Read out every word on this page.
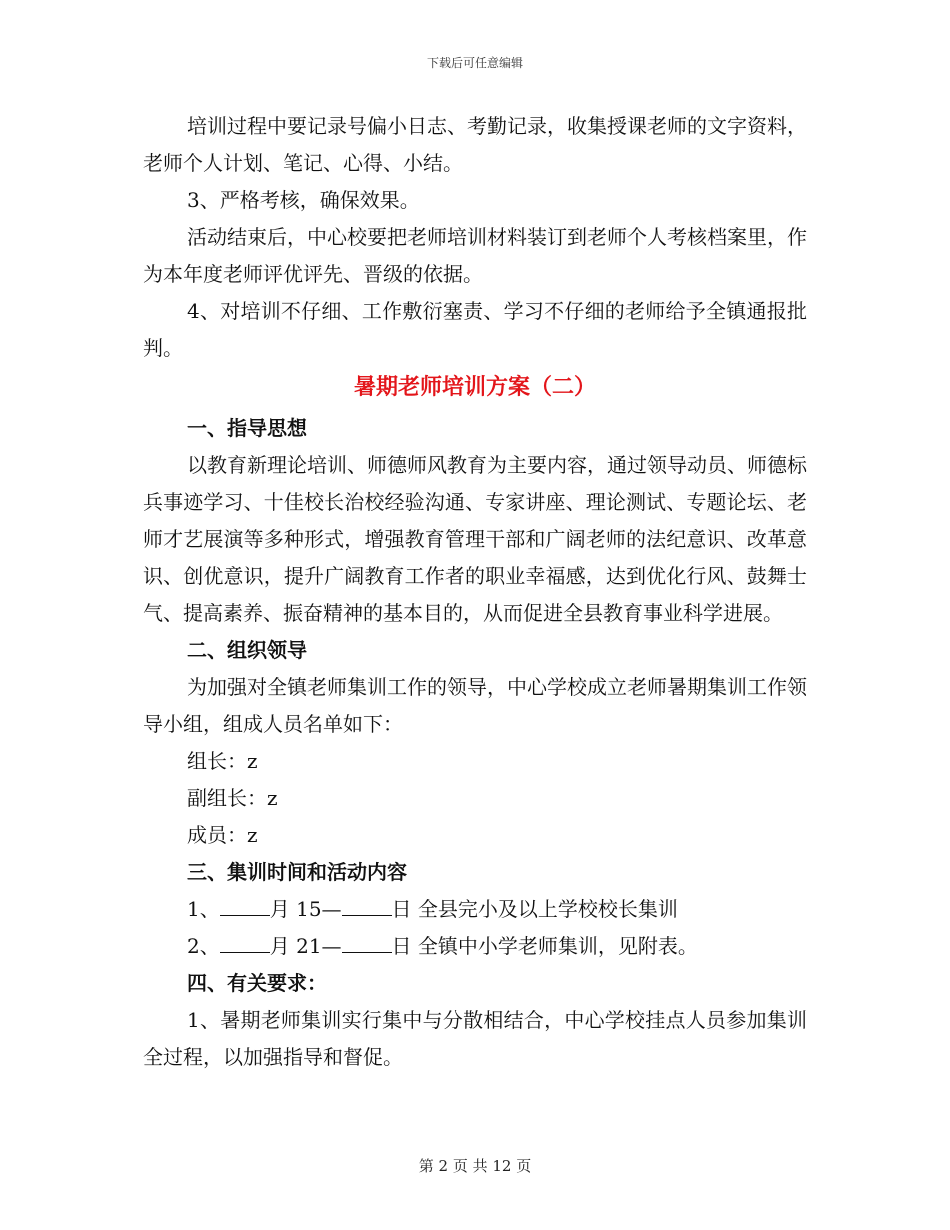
下载后可任意编辑

培训过程中要记录号偏小日志、考勤记录，收集授课老师的文字资料，老师个人计划、笔记、心得、小结。

3、严格考核，确保效果。

活动结束后，中心校要把老师培训材料装订到老师个人考核档案里，作为本年度老师评优评先、晋级的依据。

4、对培训不仔细、工作敷衍塞责、学习不仔细的老师给予全镇通报批判。

暑期老师培训方案（二）

一、指导思想

以教育新理论培训、师德师风教育为主要内容，通过领导动员、师德标兵事迹学习、十佳校长治校经验沟通、专家讲座、理论测试、专题论坛、老师才艺展演等多种形式，增强教育管理干部和广阔老师的法纪意识、改革意识、创优意识，提升广阔教育工作者的职业幸福感，达到优化行风、鼓舞士气、提高素养、振奋精神的基本目的，从而促进全县教育事业科学进展。

二、组织领导

为加强对全镇老师集训工作的领导，中心学校成立老师暑期集训工作领导小组，组成人员名单如下：

组长：z

副组长：z

成员：z

三、集训时间和活动内容

1、	月 15—	日 全县完小及以上学校校长集训

2、	月 21—	日 全镇中小学老师集训，见附表。

四、有关要求：

1、暑期老师集训实行集中与分散相结合，中心学校挂点人员参加集训全过程，以加强指导和督促。

第 2 页 共 12 页
